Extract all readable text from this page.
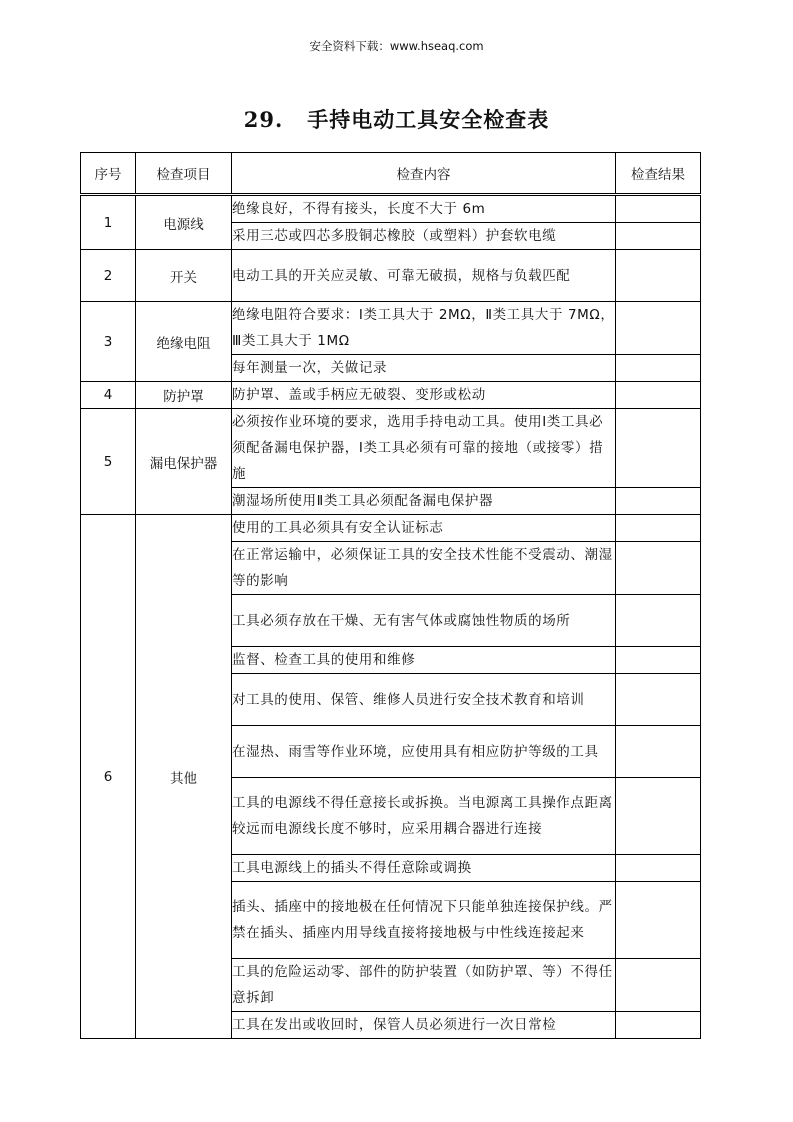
安全资料下载：www.hseaq.com
29. 手持电动工具安全检查表
序号	检查项目	检查内容	检查结果
1	电源线	绝缘良好，不得有接头，长度不大于 6m	
		采用三芯或四芯多股铜芯橡胶（或塑料）护套软电缆	
2	开关	电动工具的开关应灵敏、可靠无破损，规格与负载匹配	
3	绝缘电阻	绝缘电阻符合要求：Ⅰ类工具大于 2MΩ，Ⅱ类工具大于 7MΩ，Ⅲ类工具大于 1MΩ	
		每年测量一次，关做记录	
4	防护罩	防护罩、盖或手柄应无破裂、变形或松动	
5	漏电保护器	必须按作业环境的要求，选用手持电动工具。使用Ⅰ类工具必须配备漏电保护器，Ⅰ类工具必须有可靠的接地（或接零）措施	
		潮湿场所使用Ⅱ类工具必须配备漏电保护器	
6	其他	使用的工具必须具有安全认证标志	
		在正常运输中，必须保证工具的安全技术性能不受震动、潮湿等的影响	
		工具必须存放在干燥、无有害气体或腐蚀性物质的场所	
		监督、检查工具的使用和维修	
		对工具的使用、保管、维修人员进行安全技术教育和培训	
		在湿热、雨雪等作业环境，应使用具有相应防护等级的工具	
		工具的电源线不得任意接长或拆换。当电源离工具操作点距离较远而电源线长度不够时，应采用耦合器进行连接	
		工具电源线上的插头不得任意除或调换	
		插头、插座中的接地极在任何情况下只能单独连接保护线。严禁在插头、插座内用导线直接将接地极与中性线连接起来	
		工具的危险运动零、部件的防护装置（如防护罩、等）不得任意拆卸	
		工具在发出或收回时，保管人员必须进行一次日常检	
